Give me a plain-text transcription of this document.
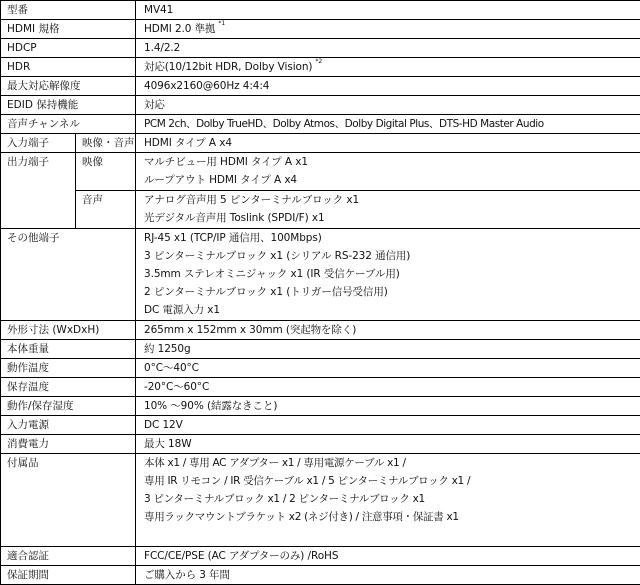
型番		MV41
HDMI 規格		HDMI 2.0 準拠 $^{*1}$
HDCP		1.4/2.2
HDR		対応(10/12bit HDR, Dolby Vision) $^{*2}$
最大対応解像度		4096x2160@60Hz 4:4:4
EDID 保持機能		対応
音声チャンネル		PCM 2ch、Dolby TrueHD、Dolby Atmos、Dolby Digital Plus、DTS-HD Master Audio
入力端子	映像・音声	HDMI タイプ A x4
出力端子	映像	マルチビュー用 HDMI タイプ A x1
ループアウト HDMI タイプ A x4

	音声	アナログ音声用 5 ピンターミナルブロック x1
光デジタル音声用 Toslink (SPDI/F) x1

その他端子		RJ-45 x1 (TCP/IP 通信用、100Mbps)
3 ピンターミナルブロック x1 (シリアル RS-232 通信用)
3.5mm ステレオミニジャック x1 (IR 受信ケーブル用)
2 ピンターミナルブロック x1 (トリガー信号受信用)
DC 電源入力 x1

外形寸法 (WxDxH)		265mm x 152mm x 30mm (突起物を除く)
本体重量		約 1250g
動作温度		0°C～40°C
保存温度		-20°C～60°C
動作/保存湿度		10% ～90% (結露なきこと)
入力電源		DC 12V
消費電力		最大 18W
付属品		本体 x1 / 専用 AC アダプター x1 / 専用電源ケーブル x1 /
専用 IR リモコン / IR 受信ケーブル x1 / 5 ピンターミナルブロック x1 /
3 ピンターミナルブロック x1 / 2 ピンターミナルブロック x1
専用ラックマウントブラケット x2 (ネジ付き) / 注意事項・保証書 x1

適合認証		FCC/CE/PSE (AC アダプターのみ) /RoHS
保証期間		ご購入から 3 年間
